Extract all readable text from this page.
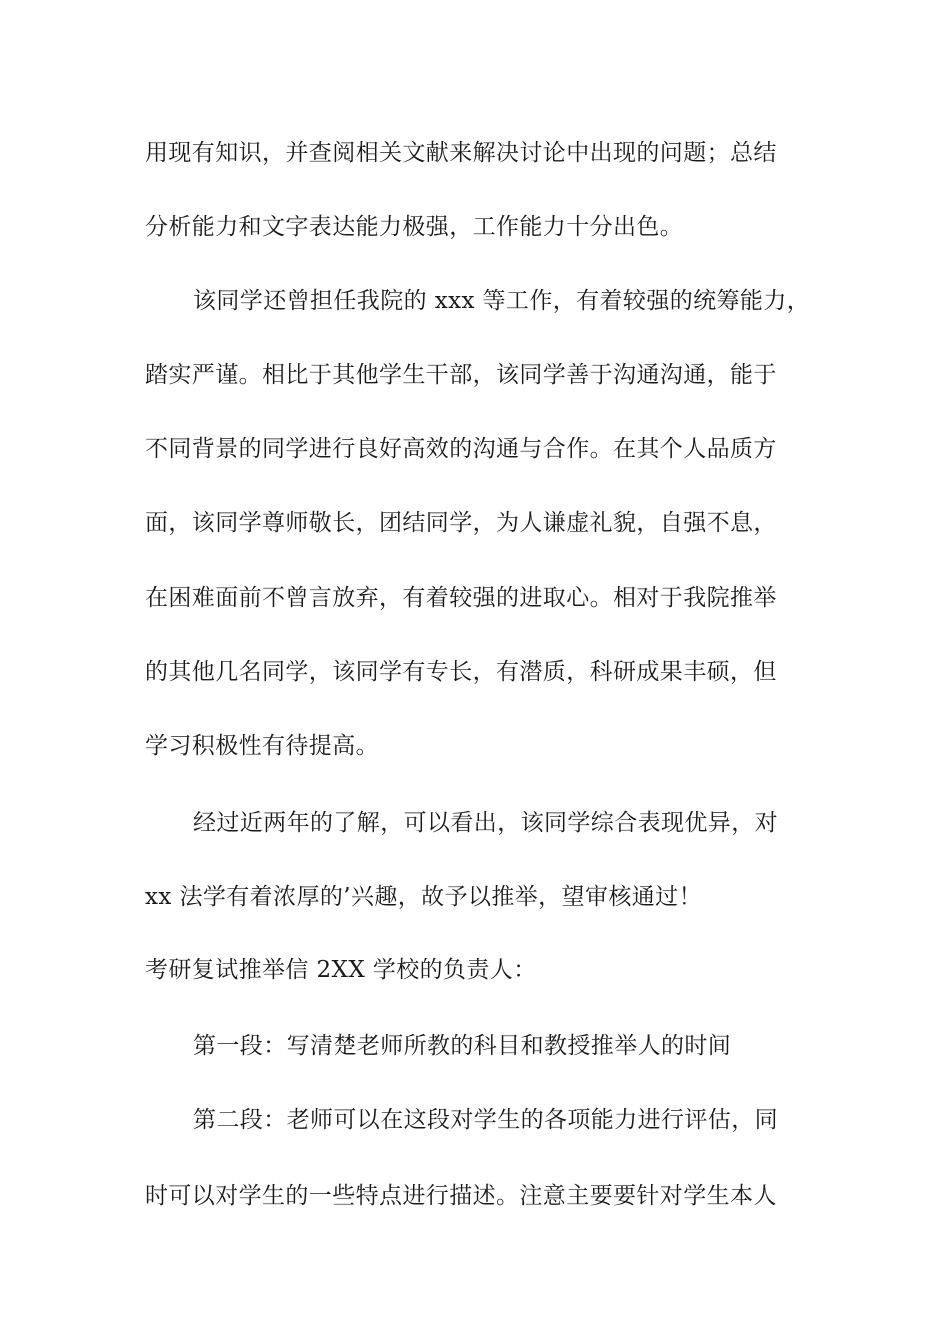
用现有知识，并查阅相关文献来解决讨论中出现的问题；总结
分析能力和文字表达能力极强，工作能力十分出色。
该同学还曾担任我院的 xxx 等工作，有着较强的统筹能力，
踏实严谨。相比于其他学生干部，该同学善于沟通沟通，能于
不同背景的同学进行良好高效的沟通与合作。在其个人品质方
面，该同学尊师敬长，团结同学，为人谦虚礼貌，自强不息，
在困难面前不曾言放弃，有着较强的进取心。相对于我院推举
的其他几名同学，该同学有专长，有潜质，科研成果丰硕，但
学习积极性有待提高。
经过近两年的了解，可以看出，该同学综合表现优异，对
xx 法学有着浓厚的’兴趣，故予以推举，望审核通过！
考研复试推举信 2XX 学校的负责人：
第一段：写清楚老师所教的科目和教授推举人的时间
第二段：老师可以在这段对学生的各项能力进行评估，同
时可以对学生的一些特点进行描述。注意主要要针对学生本人
